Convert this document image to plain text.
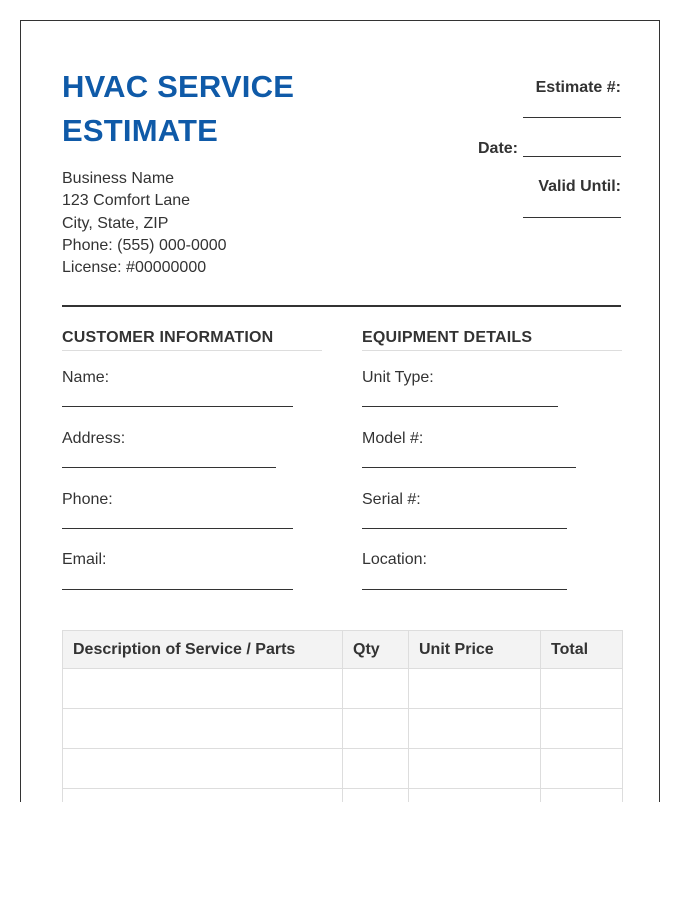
HVAC SERVICE
ESTIMATE
Business Name
123 Comfort Lane
City, State, ZIP
Phone: (555) 000-0000
License: #00000000
Estimate #:
Date:
Valid Until:
CUSTOMER INFORMATION
Name:
Address:
Phone:
Email:
EQUIPMENT DETAILS
Unit Type:
Model #:
Serial #:
Location:
Description of Service / Parts	Qty	Unit Price	Total
